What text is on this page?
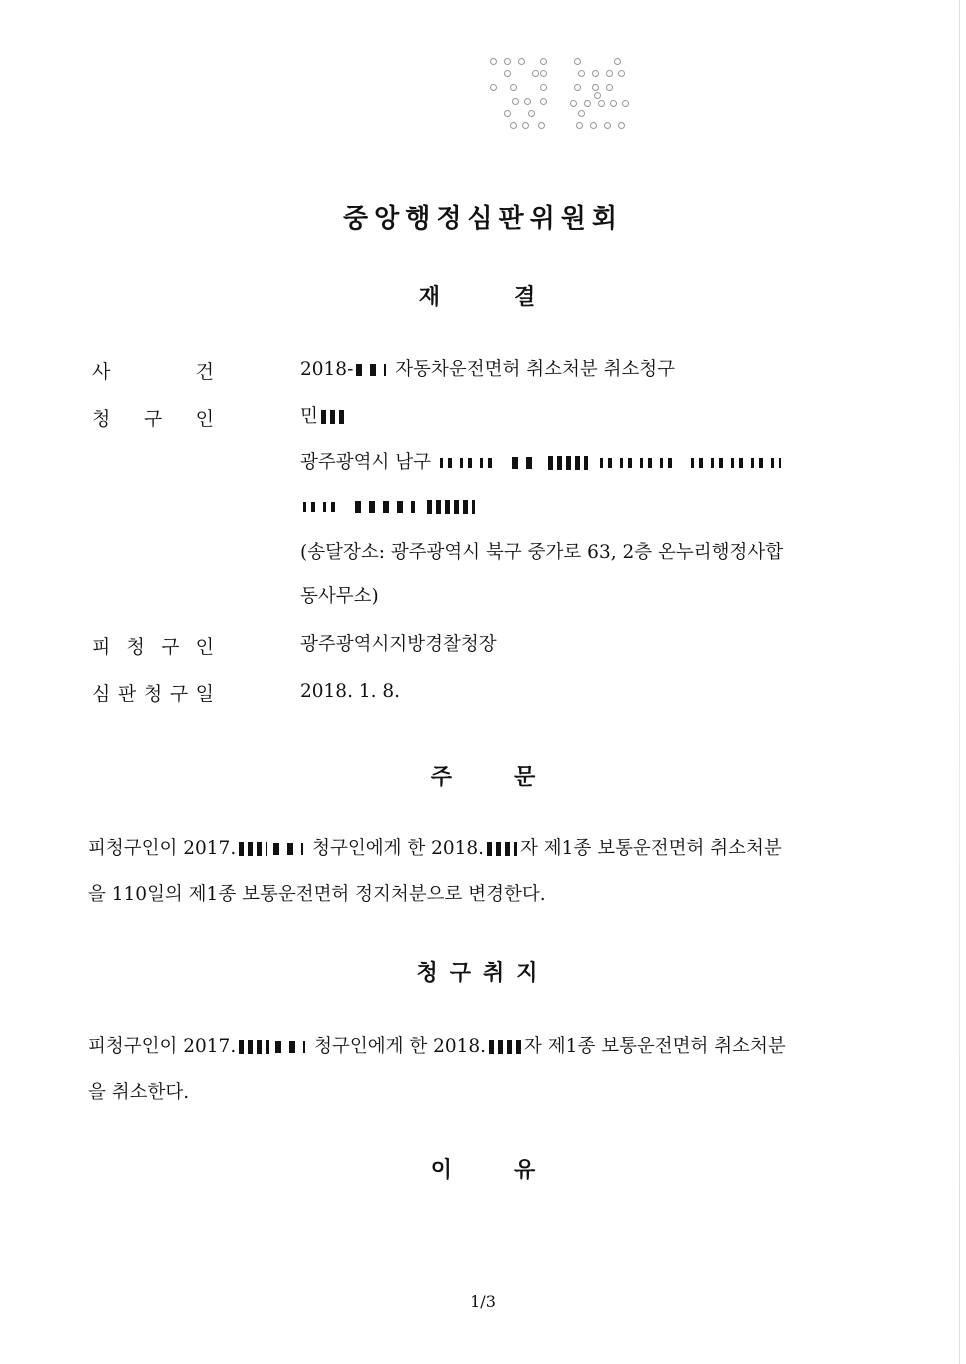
중앙행정심판위원회
재	결
사	건	2018- 자동차운전면허 취소처분 취소청구
청 구 인	민
광주광역시 남구

(송달장소: 광주광역시 북구 중가로 63, 2층 온누리행정사합
동사무소)
피 청 구 인	광주광역시지방경찰청장
심 판 청 구 일	2018. 1. 8.
주	문
피청구인이 2017.	청구인에게 한 2018. 자 제1종 보통운전면허 취소처분
을 110일의 제1종 보통운전면허 정지처분으로 변경한다.
청구취지
피청구인이 2017.	청구인에게 한 2018. 자 제1종 보통운전면허 취소처분
을 취소한다.
이	유
1/3
